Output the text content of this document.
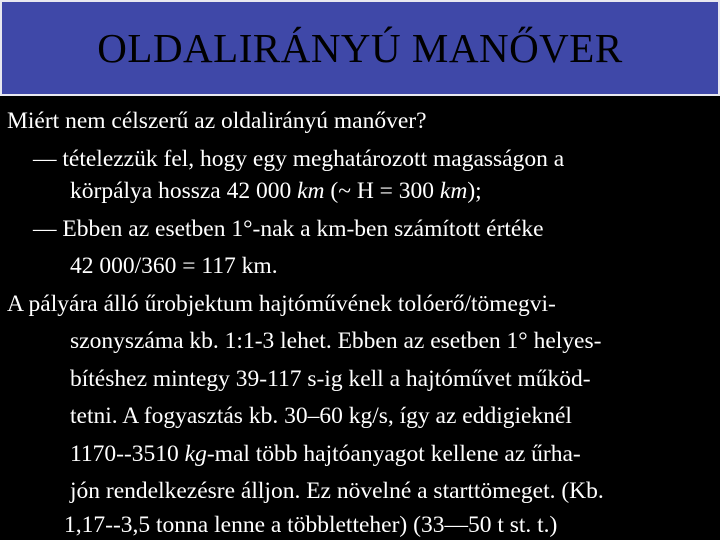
OLDALIRÁNYÚ MANŐVER
Miért nem célszerű az oldalirányú manőver?
— tételezzük fel, hogy egy meghatározott magasságon a
körpálya hossza 42 000 km (~ H = 300 km);
— Ebben az esetben 1°-nak a km-ben számított értéke
42 000/360 = 117 km.
A pályára álló űrobjektum hajtóművének tolóerő/tömegvi-
szonyszáma kb. 1:1-3 lehet. Ebben az esetben 1° helyes-
bítéshez mintegy 39-117 s-ig kell a hajtóművet működ-
tetni. A fogyasztás kb. 30–60 kg/s, így az eddigieknél
1170--3510 kg-mal több hajtóanyagot kellene az űrha-
jón rendelkezésre álljon. Ez növelné a starttömeget. (Kb.
1,17--3,5 tonna lenne a többletteher) (33—50 t st. t.)
